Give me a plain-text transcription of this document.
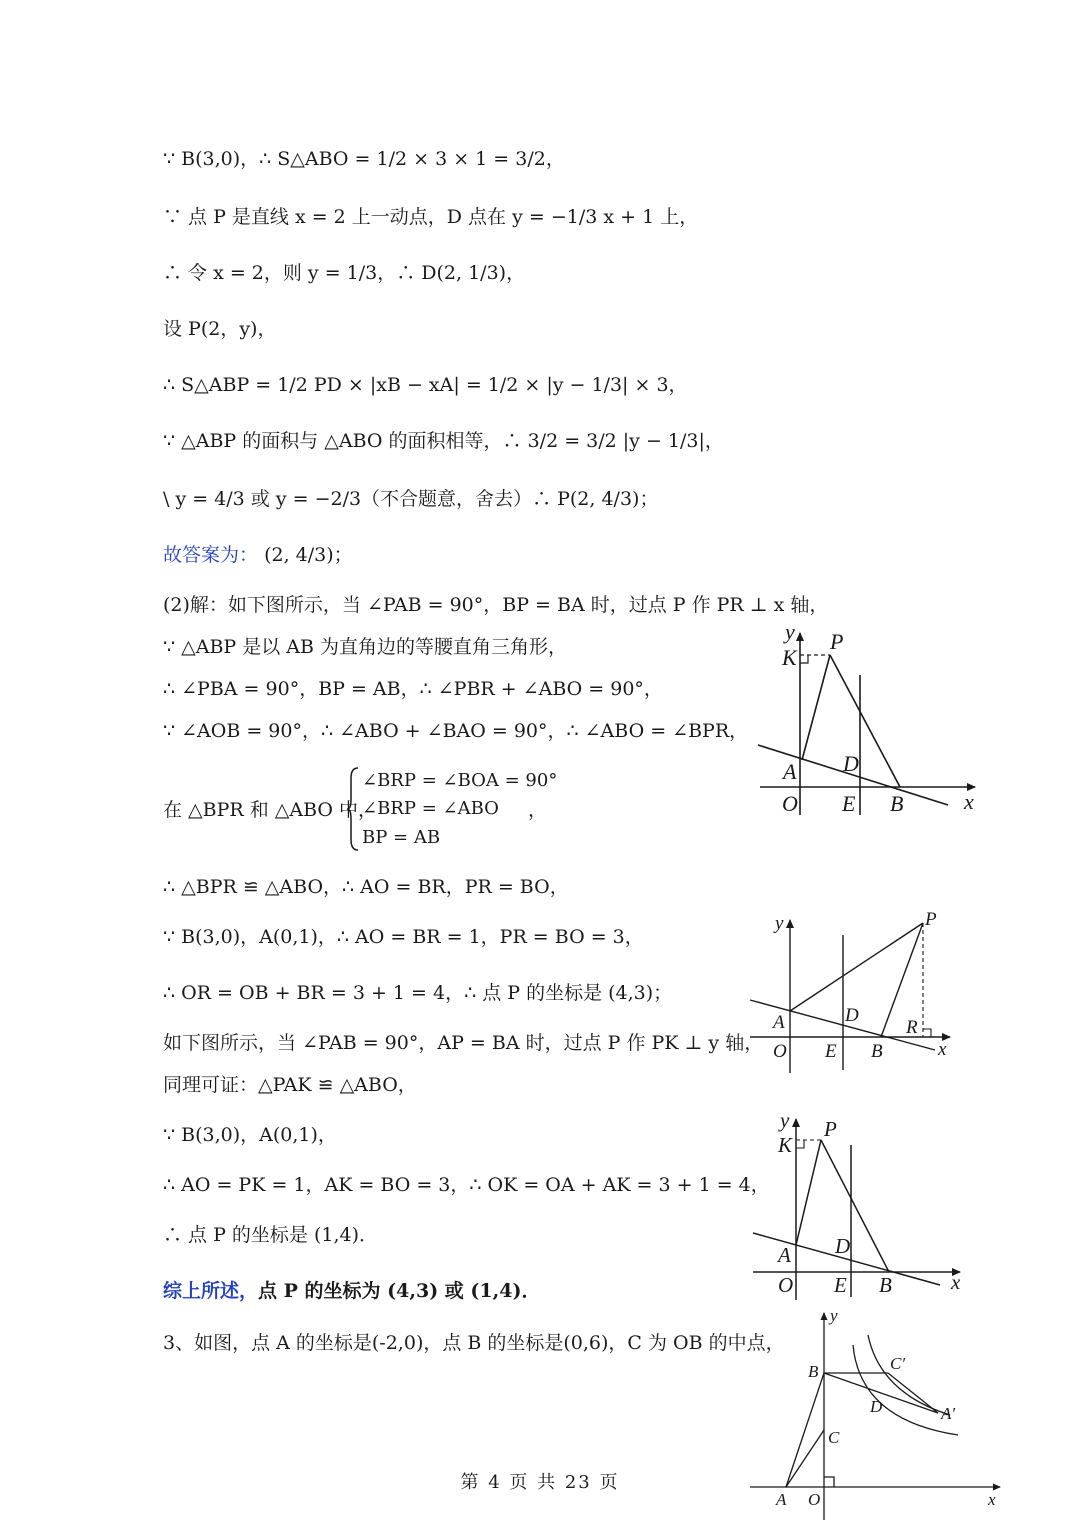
∵ B(3,0)，∴ S△ABO = 1/2 × 3 × 1 = 3/2，
∵ 点 P 是直线 x = 2 上一动点，D 点在 y = −1/3 x + 1 上，
∴ 令 x = 2，则 y = 1/3，∴ D(2, 1/3)，
设 P(2，y)，
∴ S△ABP = 1/2 PD × |xB − xA| = 1/2 × |y − 1/3| × 3，
∵ △ABP 的面积与 △ABO 的面积相等，∴ 3/2 = 3/2 |y − 1/3|，
\ y = 4/3 或 y = −2/3（不合题意，舍去）∴ P(2, 4/3)；
故答案为： (2, 4/3)；
(2)解：如下图所示，当 ∠PAB = 90°，BP = BA 时，过点 P 作 PR ⊥ x 轴，
∵ △ABP 是以 AB 为直角边的等腰直角三角形，
∴ ∠PBA = 90°，BP = AB，∴ ∠PBR + ∠ABO = 90°，
∵ ∠AOB = 90°，∴ ∠ABO + ∠BAO = 90°，∴ ∠ABO = ∠BPR，
在 △BPR 和 △ABO 中，
∠BRP = ∠BOA = 90°
∠BRP = ∠ABO
BP = AB
，
∴ △BPR ≌ △ABO，∴ AO = BR，PR = BO，
∵ B(3,0)，A(0,1)，∴ AO = BR = 1，PR = BO = 3，
∴ OR = OB + BR = 3 + 1 = 4，∴ 点 P 的坐标是 (4,3)；
如下图所示，当 ∠PAB = 90°，AP = BA 时，过点 P 作 PK ⊥ y 轴，
同理可证：△PAK ≌ △ABO，
∵ B(3,0)，A(0,1)，
∴ AO = PK = 1，AK = BO = 3，∴ OK = OA + AK = 3 + 1 = 4，
∴ 点 P 的坐标是 (1,4)．
综上所述，点 P 的坐标为 (4,3) 或 (1,4)．
3、如图，点 A 的坐标是(-2,0)，点 B 的坐标是(0,6)，C 为 OB 的中点，
y P
K
A D
O E B	x
y	P
A	D
R
O E B	x
y P
K
A D
O E B	x
y
B	C′
D	A′
C
A O	x
第 4 页 共 23 页
